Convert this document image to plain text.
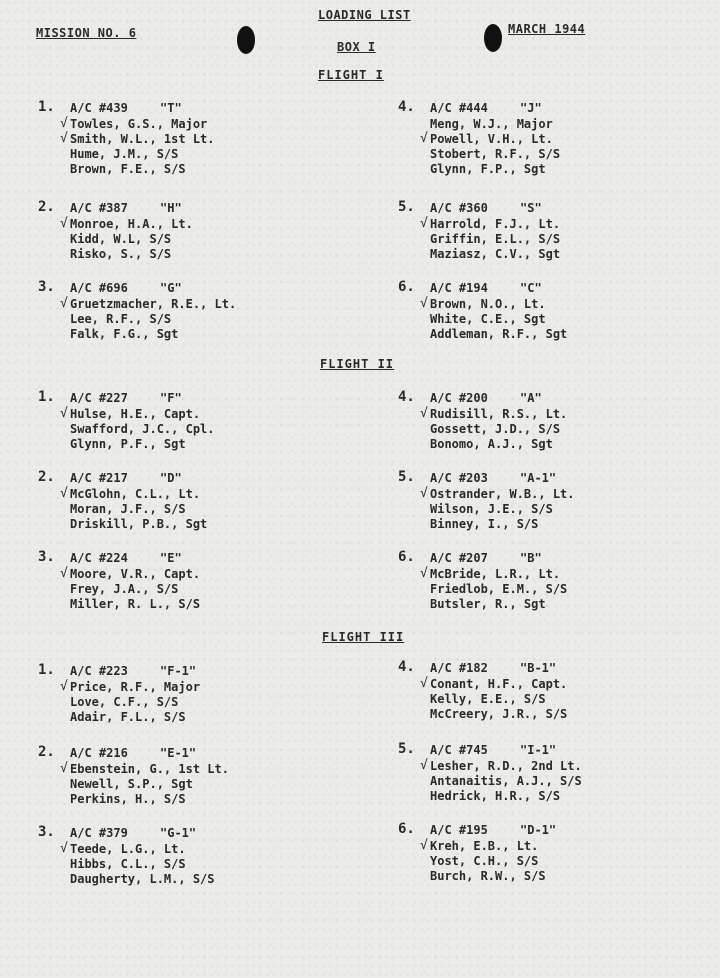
MISSION NO. 6
LOADING LIST
MARCH 1944
BOX I
FLIGHT I
1. A/C #439	"T"
√ Towles, G.S., Major
√ Smith, W.L., 1st Lt.
Hume, J.M., S/S
Brown, F.E., S/S
2. A/C #387	"H"
√ Monroe, H.A., Lt.
Kidd, W.L, S/S
Risko, S., S/S
3. A/C #696	"G"
√ Gruetzmacher, R.E., Lt.
Lee, R.F., S/S
Falk, F.G., Sgt
4. A/C #444	"J"
Meng, W.J., Major
√ Powell, V.H., Lt.
Stobert, R.F., S/S
Glynn, F.P., Sgt
5. A/C #360	"S"
√ Harrold, F.J., Lt.
Griffin, E.L., S/S
Maziasz, C.V., Sgt
6. A/C #194	"C"
√ Brown, N.O., Lt.
White, C.E., Sgt
Addleman, R.F., Sgt
FLIGHT II
1. A/C #227	"F"
√ Hulse, H.E., Capt.
Swafford, J.C., Cpl.
Glynn, P.F., Sgt
2. A/C #217	"D"
√ McGlohn, C.L., Lt.
Moran, J.F., S/S
Driskill, P.B., Sgt
3. A/C #224	"E"
√ Moore, V.R., Capt.
Frey, J.A., S/S
Miller, R. L., S/S
4. A/C #200	"A"
√ Rudisill, R.S., Lt.
Gossett, J.D., S/S
Bonomo, A.J., Sgt
5. A/C #203	"A-1"
√ Ostrander, W.B., Lt.
Wilson, J.E., S/S
Binney, I., S/S
6. A/C #207	"B"
√ McBride, L.R., Lt.
Friedlob, E.M., S/S
Butsler, R., Sgt
FLIGHT III
1. A/C #223	"F-1"
√ Price, R.F., Major
Love, C.F., S/S
Adair, F.L., S/S
2. A/C #216	"E-1"
√ Ebenstein, G., 1st Lt.
Newell, S.P., Sgt
Perkins, H., S/S
3. A/C #379	"G-1"
√ Teede, L.G., Lt.
Hibbs, C.L., S/S
Daugherty, L.M., S/S
4. A/C #182	"B-1"
√ Conant, H.F., Capt.
Kelly, E.E., S/S
McCreery, J.R., S/S
5. A/C #745	"I-1"
√ Lesher, R.D., 2nd Lt.
Antanaitis, A.J., S/S
Hedrick, H.R., S/S
6. A/C #195	"D-1"
√ Kreh, E.B., Lt.
Yost, C.H., S/S
Burch, R.W., S/S
